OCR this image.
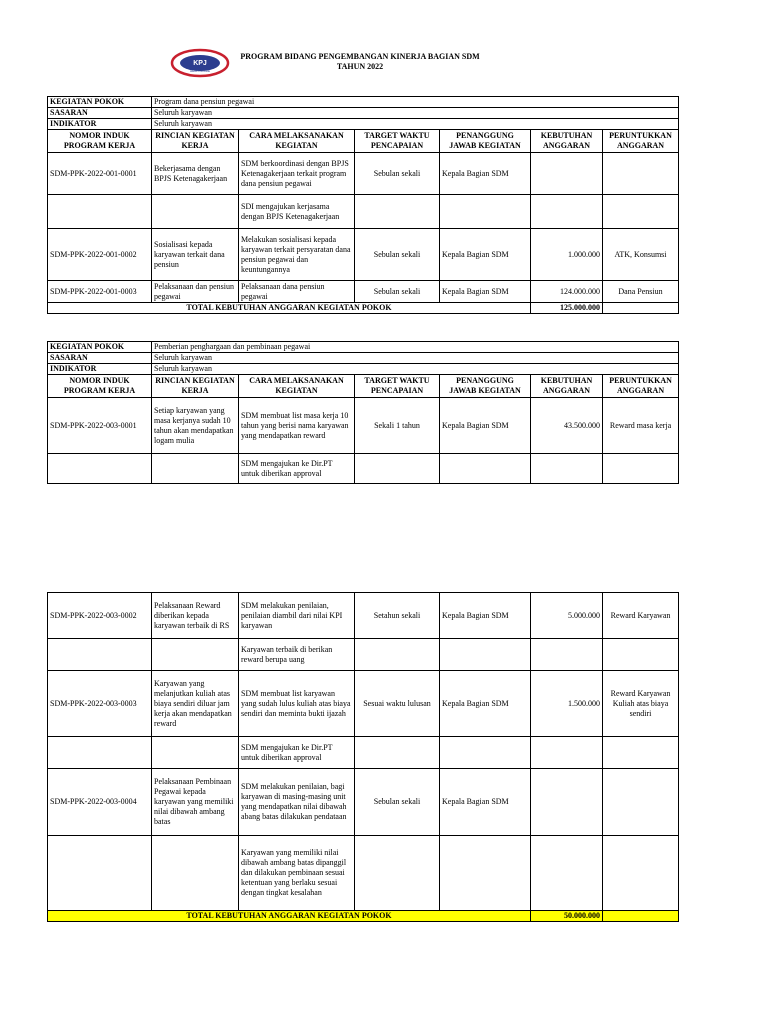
KPJ
HEALTHCARE
PROGRAM BIDANG PENGEMBANGAN KINERJA BAGIAN SDM
TAHUN 2022
KEGIATAN POKOK	Program dana pensiun pegawai					
SASARAN	Seluruh karyawan					
INDIKATOR	Seluruh karyawan					
NOMOR INDUK PROGRAM KERJA	RINCIAN KEGIATAN KERJA	CARA MELAKSANAKAN KEGIATAN	TARGET WAKTU PENCAPAIAN	PENANGGUNG JAWAB KEGIATAN	KEBUTUHAN ANGGARAN	PERUNTUKKAN ANGGARAN
SDM-PPK-2022-001-0001	Bekerjasama dengan BPJS Ketenagakerjaan	SDM berkoordinasi dengan BPJS Ketenagakerjaan terkait program dana pensiun pegawai	Sebulan sekali	Kepala Bagian SDM		
		SDI mengajukan kerjasama dengan BPJS Ketenagakerjaan				
SDM-PPK-2022-001-0002	Sosialisasi kepada karyawan terkait dana pensiun	Melakukan sosialisasi kepada karyawan terkait persyaratan dana pensiun pegawai dan keuntungannya	Sebulan sekali	Kepala Bagian SDM	1.000.000	ATK, Konsumsi
SDM-PPK-2022-001-0003	Pelaksanaan dan pensiun pegawai	Pelaksanaan dana pensiun pegawai	Sebulan sekali	Kepala Bagian SDM	124.000.000	Dana Pensiun
TOTAL KEBUTUHAN ANGGARAN KEGIATAN POKOK					125.000.000	
KEGIATAN POKOK	Pemberian penghargaan dan pembinaan pegawai					
SASARAN	Seluruh karyawan					
INDIKATOR	Seluruh karyawan					
NOMOR INDUK PROGRAM KERJA	RINCIAN KEGIATAN KERJA	CARA MELAKSANAKAN KEGIATAN	TARGET WAKTU PENCAPAIAN	PENANGGUNG JAWAB KEGIATAN	KEBUTUHAN ANGGARAN	PERUNTUKKAN ANGGARAN
SDM-PPK-2022-003-0001	Setiap karyawan yang masa kerjanya sudah 10 tahun akan mendapatkan logam mulia	SDM membuat list masa kerja 10 tahun yang berisi nama karyawan yang mendapatkan reward	Sekali 1 tahun	Kepala Bagian SDM	43.500.000	Reward masa kerja
		SDM mengajukan ke Dir.PT untuk diberikan approval				
SDM-PPK-2022-003-0002	Pelaksanaan Reward diberikan kepada karyawan terbaik di RS	SDM melakukan penilaian, penilaian diambil dari nilai KPI karyawan	Setahun sekali	Kepala Bagian SDM	5.000.000	Reward Karyawan
		Karyawan terbaik di berikan reward berupa uang				
SDM-PPK-2022-003-0003	Karyawan yang melanjutkan kuliah atas biaya sendiri diluar jam kerja akan mendapatkan reward	SDM membuat list karyawan yang sudah lulus kuliah atas biaya sendiri dan meminta bukti ijazah	Sesuai waktu lulusan	Kepala Bagian SDM	1.500.000	Reward Karyawan Kuliah atas biaya sendiri
		SDM mengajukan ke Dir.PT untuk diberikan approval				
SDM-PPK-2022-003-0004	Pelaksanaan Pembinaan Pegawai kepada karyawan yang memiliki nilai dibawah ambang batas	SDM melakukan penilaian, bagi karyawan di masing-masing unit yang mendapatkan nilai dibawah abang batas dilakukan pendataan	Sebulan sekali	Kepala Bagian SDM		
		Karyawan yang memiliki nilai dibawah ambang batas dipanggil dan dilakukan pembinaan sesuai ketentuan yang berlaku sesuai dengan tingkat kesalahan				
TOTAL KEBUTUHAN ANGGARAN KEGIATAN POKOK					50.000.000	
